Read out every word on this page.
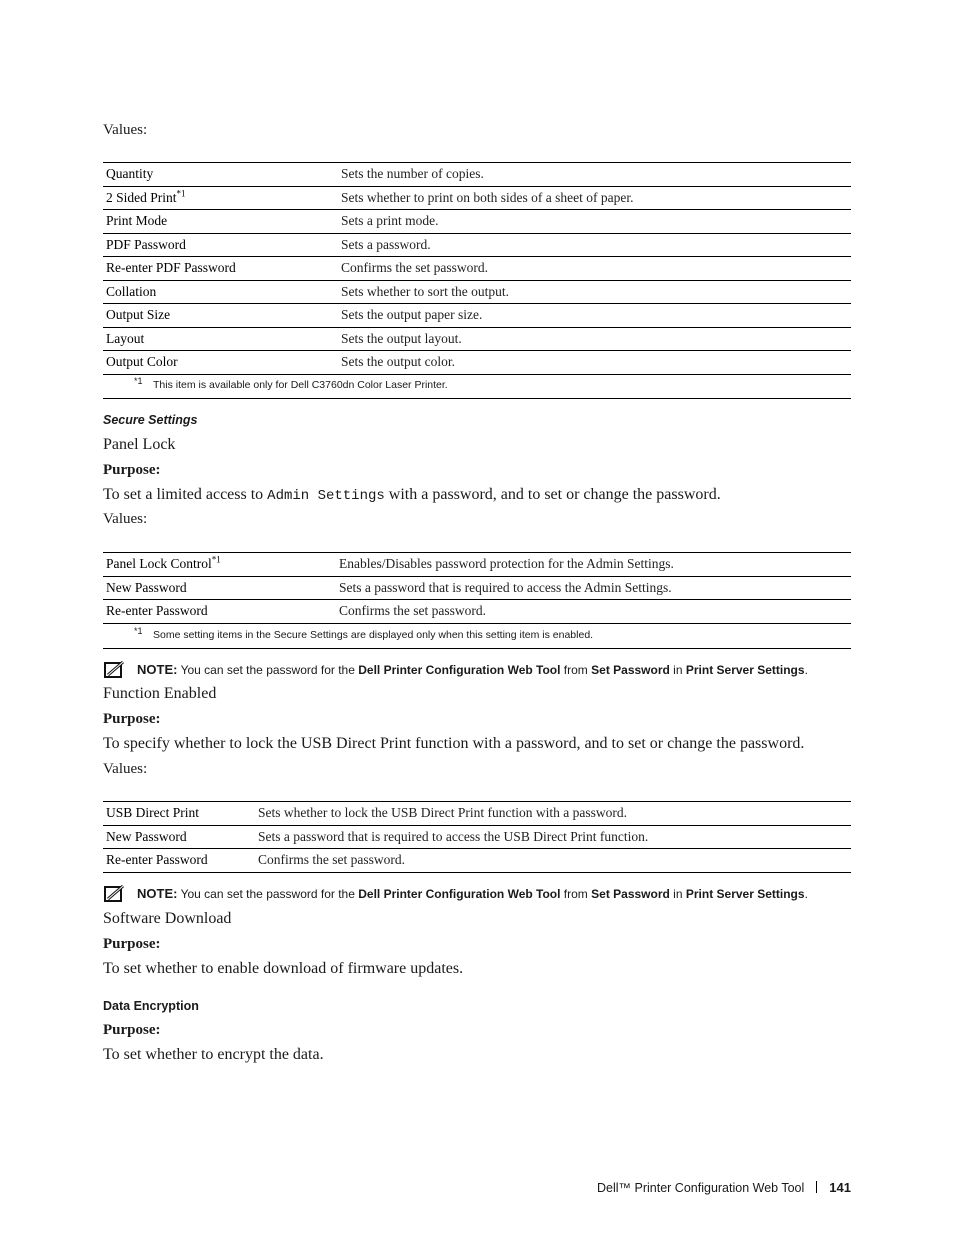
Values:
Quantity	Sets the number of copies.
2 Sided Print$^{*1}$	Sets whether to print on both sides of a sheet of paper.
Print Mode	Sets a print mode.
PDF Password	Sets a password.
Re-enter PDF Password	Confirms the set password.
Collation	Sets whether to sort the output.
Output Size	Sets the output paper size.
Layout	Sets the output layout.
Output Color	Sets the output color.
*1 This item is available only for Dell C3760dn Color Laser Printer.
Secure Settings
Panel Lock
Purpose:
To set a limited access to Admin Settings with a password, and to set or change the password.
Values:
Panel Lock Control$^{*1}$	Enables/Disables password protection for the Admin Settings.
New Password	Sets a password that is required to access the Admin Settings.
Re-enter Password	Confirms the set password.
*1 Some setting items in the Secure Settings are displayed only when this setting item is enabled.
NOTE: You can set the password for the Dell Printer Configuration Web Tool from Set Password in Print Server Settings.
Function Enabled
Purpose:
To specify whether to lock the USB Direct Print function with a password, and to set or change the password.
Values:
USB Direct Print	Sets whether to lock the USB Direct Print function with a password.
New Password	Sets a password that is required to access the USB Direct Print function.
Re-enter Password	Confirms the set password.
NOTE: You can set the password for the Dell Printer Configuration Web Tool from Set Password in Print Server Settings.
Software Download
Purpose:
To set whether to enable download of firmware updates.
Data Encryption
Purpose:
To set whether to encrypt the data.
Dell™ Printer Configuration Web Tool 141
